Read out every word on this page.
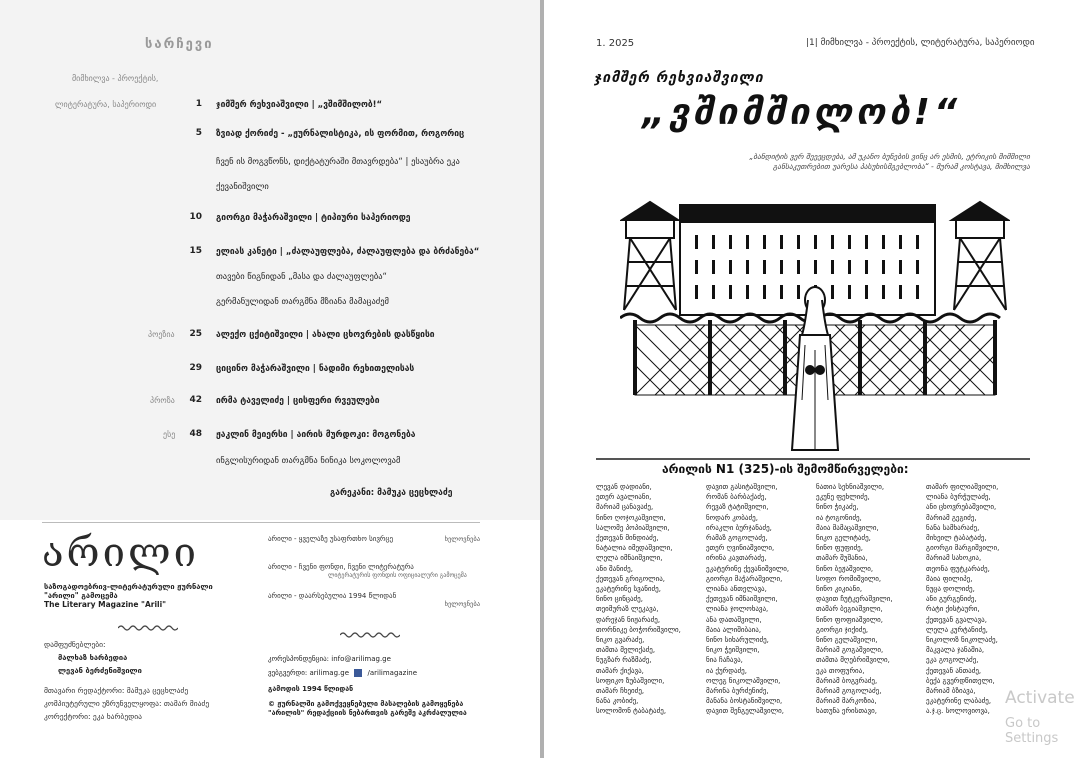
სარჩევი
მიმხილვა - პროექტის,
ლიტერატურა, საპერიოდი	1 ჯიმშერ რეხვიაშვილი | „ვშიმშილობ!“
5 ზვიად ქორიძე - „ჟურნალისტიკა, ის ფორმით, როგორიც
ჩვენ ის მოგვწონს, დიქტატურაში მთავრდება“ | ესაუბრა ეკა
ქევანიშვილი
10 გიორგი მაჭარაშვილი | ტიპიური საპერიოდე
15 ელიას კანეტი | „ძალაუფლება, ძალაუფლება და ბრძანება“
თავები წიგნიდან „მასა და ძალაუფლება“
გერმანულიდან თარგმნა მზიანა მამაცაძემ
პოეზია	25 ალექო ცქიტიშვილი | ახალი ცხოვრების დასწყისი
29 ციცინო მაჭარაშვილი | ნადიმი რეხითელისას
პროზა	42 ირმა ტაველიძე | ცისფერი რვეულები
ესე	48 ჟაკლინ მეიერსი | აირის მურდოკი: მოგონება
ინგლისურიდან თარგმნა ნინიკა სოკოლოვამ
გარეკანი: მამუკა ცეცხლაძე
არილი
საზოგადოებრივ-ლიტერატურული ჟურნალი "არილი" გამოცემა
The Literary Magazine "Arili"
დამფუძნებლები:
მალხაზ ხარბედია
ლევან ბერძენიშვილი
მთავარი რედაქტორი: მამუკა ცეცხლაძე
კომპიუტერული უზრუნველყოფა: თამარ მიაძე
კორექტორი: ეკა ხარბედია
არილი - ყველაზე უსაფრთხო სივრცე	ხელოვნება
არილი - ჩვენი ფონდი, ჩვენი ლიტერატურა
ლიტერატურის ფონდის ოფიციალური გამოცემა
არილი - დაარსებულია 1994 წლიდან
ხელოვნება
კორესპონდენცია: info@arilimag.ge
ვებგვერდი: arilimag.ge	/arilimagazine
გამოდის 1994 წლიდან
© ჟურნალში გამოქვეყნებული მასალების გამოყენება "არილის" რედაქციის ნებართვის გარეშე აკრძალულია
1. 2025	|1| მიმხილვა - პროექტის, ლიტერატურა, საპერიოდი
ჯიმშერ რეხვიაშვილი
„ვშიმშილობ!“
„ბანდიტის ვერ შეეეცდება, ამ უკანო ბუნების ვინც არ ესმის, ეტრიკის შიმშილი განსაკუთრებით უარესა პასუხისმგებლობა“ - მურამ კოსტავა, მიმხილვა
არილის N1 (325)-ის შემომწირველები:
ლევან დადიანი,
ეთერ ავალიანი,
მარიამ ცანავაძე,
ნინო ღოჯოკაშვილი,
სალომე პოპიაშვილი,
ქეთევან მინდიაძე,
ნატალია იმედაშვილი,
ლელა იმნაიშვილი,
ანი შანიძე,
ქეთევან გრიგოლია,
ეკატერინე სვანიძე,
ნინო ცინცაძე,
თეიმურაზ ლეკავა,
დარეჯან ნიჟარაძე,
თორნიკე ბოჭორიშვილი,
ნიკო გვარაძე,
თამთა მელიქაძე,
ნუგზარ რაზმაძე,
თამარ ქიქავა,
სოფიკო ზუბაშვილი,
თამარ ჩხეიძე,
ნანა კობიძე,
სოლომონ ტაბატაძე,
დავით გასიტაშვილი,
რომან ბარბაქაძე,
რევაზ ტატიშვილი,
ნოდარ კობაძე,
ირაკლი ბურჯანაძე,
რამაზ გოგოლაძე,
ეთერ ღვინიაშვილი,
ირინა კავთარაძე,
ეკატერინე ქევანიშვილი,
გიორგი მაჭარაშვილი,
ლიანა ანთელავა,
ქეთევან იმნაიშვილი,
ლიანა ჯოლოხავა,
ანა დათაშვილი,
მაია ალიშიბაია,
ნინო სიხარულიძე,
ნიკო ჭეიშვილი,
ნია ჩაჩავა,
ია ქურდაძე,
ოლეგ ნიკოლაშვილი,
მარინა ბურძენიძე,
მანანა ბოსტანიშვილი,
დავით შენგელაშვილი,
ნათია სეხნიაშვილი,
ეკუნე ფეხლიძე,
ნინო ჭიკაძე,
ია ტოგონიძე,
მაია მამაცაშვილი,
ნიკო გელიტაძე,
ნინო ფუფიძე,
თამარ შუშანია,
ნინო ბეჟაშვილი,
სოფო რომიშვილი,
ნინო კიკიანი,
დავით ჩუტკერაშვილი,
თამარ ბეგიაშვილი,
ნინო ფოფიაშვილი,
გიორგი ჯიქიძე,
ნინო გელაშვილი,
მარიამ გოგაშვილი,
თამთა მღებრიშვილი,
ეკა თოფურია,
მარიამ ბოგვრაძე,
მარიამ გოგოლაძე,
მარიამ მარკოზია,
ხათუნა ერისთავი,
თამარ ფილიაშვილი,
ლიანა ბურჭულაძე,
ანი ცხოვრებაშვილი,
მარიამ გეგიძე,
ნანა სამხარაძე,
მიხეილ ტაბატაძე,
გიორგი მარგიშვილი,
მარიამ სახოკია,
თეონა ფუტკარაძე,
მაია ფილიპე,
ნუცა დოლიძე,
ანი გურგენიძე,
რატი ქისტაური,
ქეთევან გვალავა,
ლელა კურტანიძე,
ნიკოლოზ ნიკოლაძე,
მაკვალა ჯანაშია,
ეკა გოგოლაძე,
ქეთევან ანთაძე,
ბექა გვერდწითელი,
მარიამ ბზიავა,
ეკატერინე ლაბაძე,
ა.ჯ.ც. სოლოვიოვა,
Activate
Go to Settings
